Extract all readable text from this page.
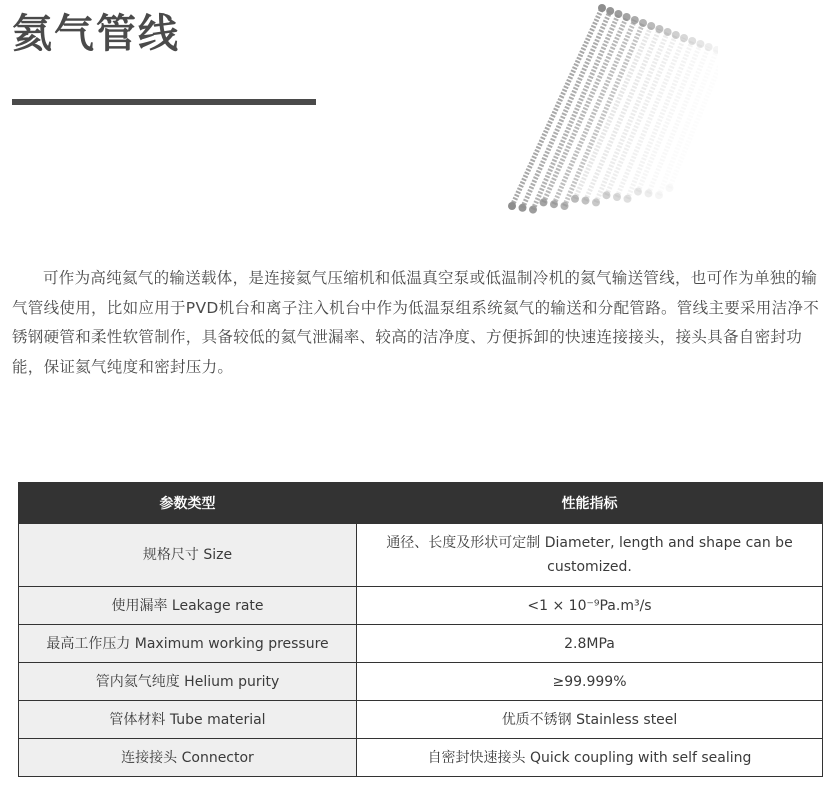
氦气管线
可作为高纯氦气的输送载体，是连接氦气压缩机和低温真空泵或低温制冷机的氦气输送管线，也可作为单独的输气管线使用，比如应用于PVD机台和离子注入机台中作为低温泵组系统氦气的输送和分配管路。管线主要采用洁净不锈钢硬管和柔性软管制作，具备较低的氦气泄漏率、较高的洁净度、方便拆卸的快速连接接头，接头具备自密封功能，保证氦气纯度和密封压力。
参数类型	性能指标
规格尺寸 Size	通径、长度及形状可定制 Diameter, length and shape can be customized.
使用漏率 Leakage rate	<1 × 10⁻⁹Pa.m³/s
最高工作压力 Maximum working pressure	2.8MPa
管内氦气纯度 Helium purity	≥99.999%
管体材料 Tube material	优质不锈钢 Stainless steel
连接接头 Connector	自密封快速接头 Quick coupling with self sealing
